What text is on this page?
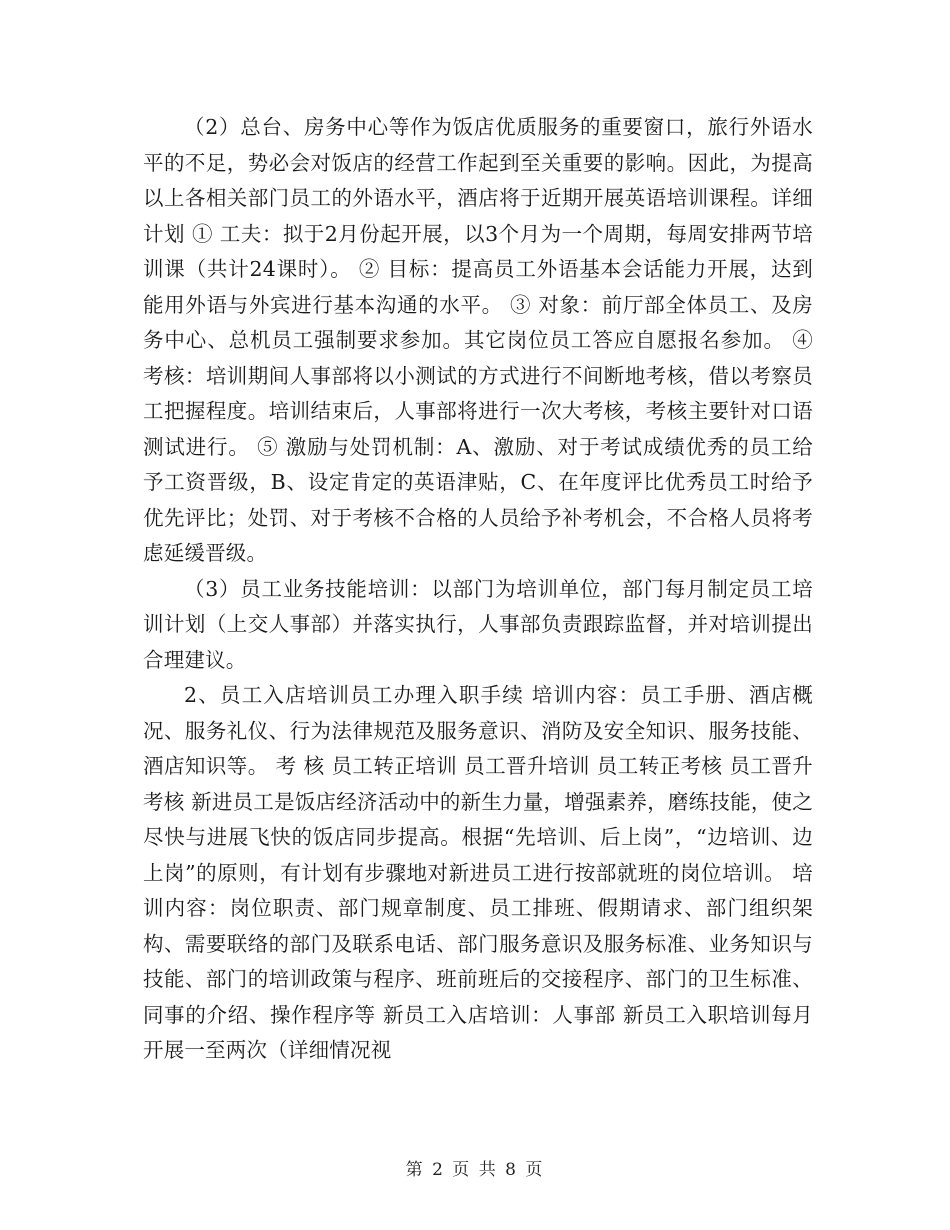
（2）总台、房务中心等作为饭店优质服务的重要窗口，旅行外语水平的不足，势必会对饭店的经营工作起到至关重要的影响。因此，为提高以上各相关部门员工的外语水平，酒店将于近期开展英语培训课程。详细计划 ① 工夫：拟于2月份起开展，以3个月为一个周期，每周安排两节培训课（共计24课时）。 ② 目标：提高员工外语基本会话能力开展，达到能用外语与外宾进行基本沟通的水平。 ③ 对象：前厅部全体员工、及房务中心、总机员工强制要求参加。其它岗位员工答应自愿报名参加。 ④ 考核：培训期间人事部将以小测试的方式进行不间断地考核，借以考察员工把握程度。培训结束后，人事部将进行一次大考核，考核主要针对口语测试进行。 ⑤ 激励与处罚机制：A、激励、对于考试成绩优秀的员工给予工资晋级，B、设定肯定的英语津贴，C、在年度评比优秀员工时给予优先评比；处罚、对于考核不合格的人员给予补考机会，不合格人员将考虑延缓晋级。

（3）员工业务技能培训：以部门为培训单位，部门每月制定员工培训计划（上交人事部）并落实执行，人事部负责跟踪监督，并对培训提出合理建议。

2、员工入店培训员工办理入职手续 培训内容：员工手册、酒店概况、服务礼仪、行为法律规范及服务意识、消防及安全知识、服务技能、酒店知识等。 考 核 员工转正培训 员工晋升培训 员工转正考核 员工晋升考核 新进员工是饭店经济活动中的新生力量，增强素养，磨练技能，使之尽快与进展飞快的饭店同步提高。根据“先培训、后上岗”，“边培训、边上岗”的原则，有计划有步骤地对新进员工进行按部就班的岗位培训。 培训内容：岗位职责、部门规章制度、员工排班、假期请求、部门组织架构、需要联络的部门及联系电话、部门服务意识及服务标准、业务知识与技能、部门的培训政策与程序、班前班后的交接程序、部门的卫生标准、同事的介绍、操作程序等 新员工入店培训：人事部 新员工入职培训每月开展一至两次（详细情况视

第 2 页 共 8 页
